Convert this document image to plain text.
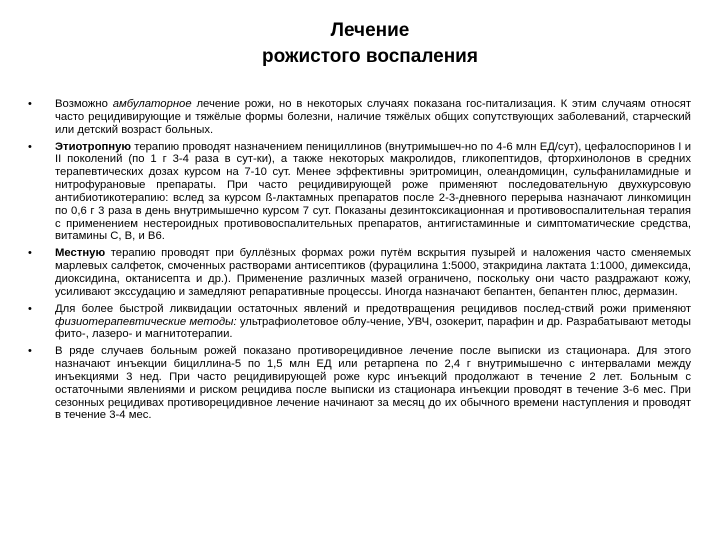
Лечение
рожистого воспаления
• Возможно амбулаторное лечение рожи, но в некоторых случаях показана гос-питализация. К этим случаям относят часто рецидивирующие и тяжёлые формы болезни, наличие тяжёлых общих сопутствующих заболеваний, старческий или детский возраст больных.
• Этиотропную терапию проводят назначением пенициллинов (внутримышеч-но по 4-6 млн ЕД/сут), цефалоспоринов I и II поколений (по 1 г 3-4 раза в сут-ки), а также некоторых макролидов, гликопептидов, фторхинолонов в средних терапевтических дозах курсом на 7-10 сут. Менее эффективны эритромицин, олеандомицин, сульфаниламидные и нитрофурановые препараты. При часто рецидивирующей роже применяют последовательную двухкурсовую антибиотикотерапию: вслед за курсом ß-лактамных препаратов после 2-3-дневного перерыва назначают линкомицин по 0,6 г 3 раза в день внутримышечно курсом 7 сут. Показаны дезинтоксикационная и противовоспалительная терапия с применением нестероидных противовоспалительных препаратов, антигистаминные и симптоматические средства, витамины С, В, и В6.
• Местную терапию проводят при буллёзных формах рожи путём вскрытия пузырей и наложения часто сменяемых марлевых салфеток, смоченных растворами антисептиков (фурацилина 1:5000, этакридина лактата 1:1000, димексида, диоксидина, октанисепта и др.). Применение различных мазей ограничено, поскольку они часто раздражают кожу, усиливают экссудацию и замедляют репаративные процессы. Иногда назначают бепантен, бепантен плюс, дермазин.
• Для более быстрой ликвидации остаточных явлений и предотвращения рецидивов послед-ствий рожи применяют физиотерапевтические методы: ультрафиолетовое облу-чение, УВЧ, озокерит, парафин и др. Разрабатывают методы фито-, лазеро- и магнитотерапии.
• В ряде случаев больным рожей показано противорецидивное лечение после выписки из стационара. Для этого назначают инъекции бициллина-5 по 1,5 млн ЕД или ретарпена по 2,4 г внутримышечно с интервалами между инъекциями 3 нед. При часто рецидивирующей роже курс инъекций продолжают в течение 2 лет. Больным с остаточными явлениями и риском рецидива после выписки из стационара инъекции проводят в течение 3-6 мес. При сезонных рецидивах противорецидивное лечение начинают за месяц до их обычного времени наступления и проводят в течение 3-4 мес.
